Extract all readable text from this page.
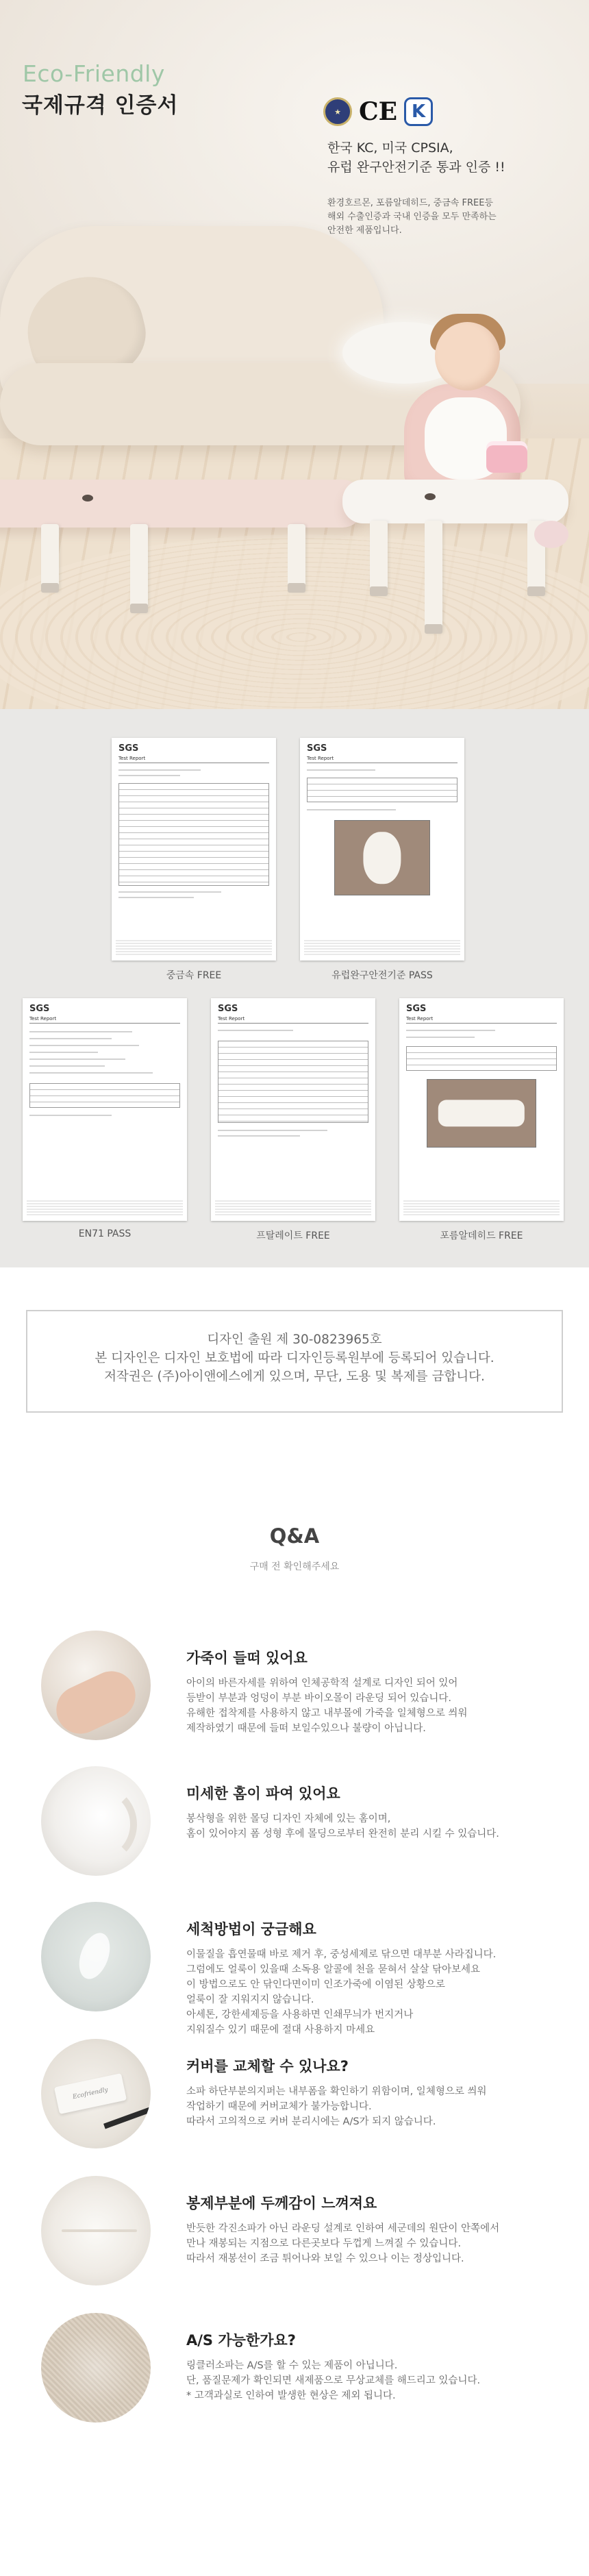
Eco-Friendly
국제규격 인증서	★ CE K
한국 KC, 미국 CPSIA,
유럽 완구안전기준 통과 인증 !!
환경호르몬, 포름알데히드, 중금속 FREE등
해외 수출인증과 국내 인증을 모두 만족하는
안전한 제품입니다.
SGS
Test Report
중금속 FREE
SGS
Test Report
유럽완구안전기준 PASS
SGS
Test Report
EN71 PASS
SGS
Test Report
프탈레이트 FREE
SGS
Test Report
포름알데히드 FREE

디자인 출원 제 30-0823965호

본 디자인은 디자인 보호법에 따라 디자인등록원부에 등록되어 있습니다.

저작권은 (주)아이앤에스에게 있으며, 무단, 도용 및 복제를 금합니다.

Q&A
구매 전 확인해주세요
가죽이 들떠 있어요
아이의 바른자세를 위하여 인체공학적 설계로 디자인 되어 있어
등받이 부분과 엉덩이 부분 바이오몰이 라운딩 되어 있습니다.
유해한 접착제를 사용하지 않고 내부몰에 가죽을 일체형으로 씌워
제작하였기 때문에 들떠 보일수있으나 불량이 아닙니다.
미세한 홈이 파여 있어요
봉삭형을 위한 몰딩 디자인 자체에 있는 홈이며,
홈이 있어야지 폼 성형 후에 몰딩으로부터 완전히 분리 시킬 수 있습니다.
세척방법이 궁금해요
이물질을 흡연물때 바로 제거 후, 중성세제로 닦으면 대부분 사라집니다.
그럼에도 얼룩이 있을때 소독용 알콜에 천을 묻혀서 살살 닦아보세요
이 방법으로도 안 닦인다면이미 인조가죽에 이염된 상황으로
얼룩이 잘 지워지지 않습니다.
아세톤, 강한세제등을 사용하면 인쇄무늬가 번지거나
지워질수 있기 때문에 절대 사용하지 마세요
Ecofriendly
커버를 교체할 수 있나요?
소파 하단부분의지퍼는 내부폼을 확인하기 위함이며, 일체형으로 씌워
작업하기 때문에 커버교체가 불가능합니다.
따라서 고의적으로 커버 분리시에는 A/S가 되지 않습니다.
봉제부분에 두께감이 느껴져요
반듯한 각진소파가 아닌 라운딩 설계로 인하여 세군데의 원단이 안쪽에서
만나 재봉되는 지점으로 다른곳보다 두껍게 느껴질 수 있습니다.
따라서 재봉선이 조금 튀어나와 보일 수 있으나 이는 정상입니다.
A/S 가능한가요?
링클러소파는 A/S를 할 수 있는 제품이 아닙니다.
단, 품질문제가 확인되면 새제품으로 무상교체를 해드리고 있습니다.
* 고객과실로 인하여 발생한 현상은 제외 됩니다.
